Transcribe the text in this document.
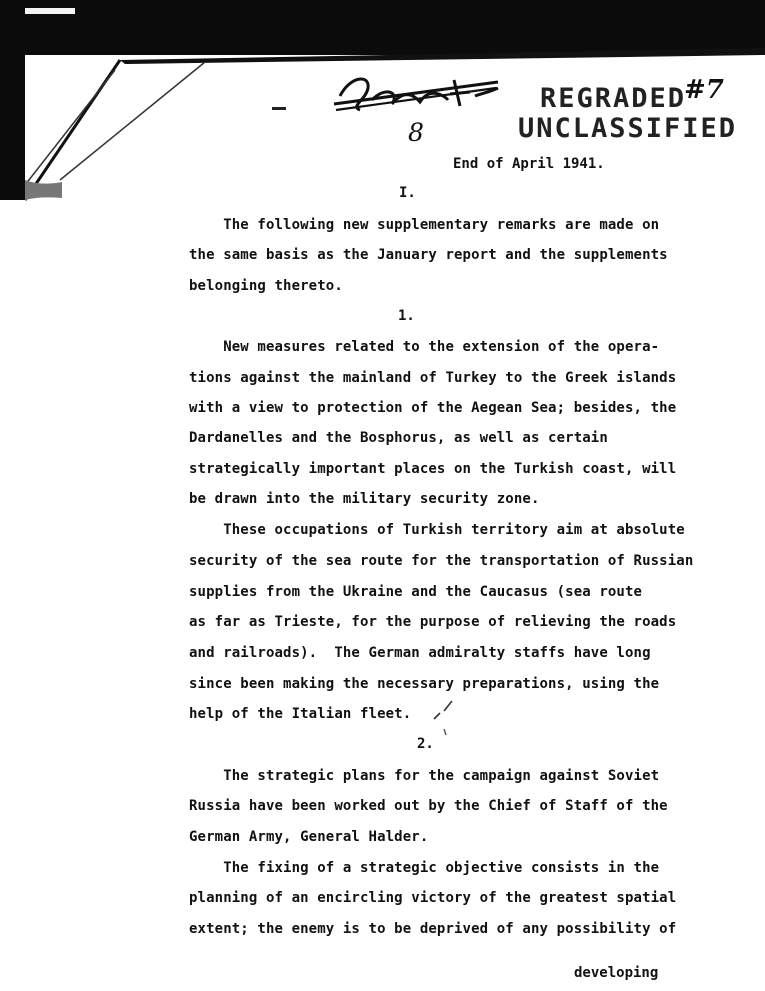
8
REGRADED
#7
UNCLASSIFIED
End of April 1941.
I.
The following new supplementary remarks are made on
the same basis as the January report and the supplements
belonging thereto.
1.
New measures related to the extension of the opera-
tions against the mainland of Turkey to the Greek islands
with a view to protection of the Aegean Sea; besides, the
Dardanelles and the Bosphorus, as well as certain
strategically important places on the Turkish coast, will
be drawn into the military security zone.
These occupations of Turkish territory aim at absolute
security of the sea route for the transportation of Russian
supplies from the Ukraine and the Caucasus (sea route
as far as Trieste, for the purpose of relieving the roads
and railroads).  The German admiralty staffs have long
since been making the necessary preparations, using the
help of the Italian fleet.
2.
The strategic plans for the campaign against Soviet
Russia have been worked out by the Chief of Staff of the
German Army, General Halder.
The fixing of a strategic objective consists in the
planning of an encircling victory of the greatest spatial
extent; the enemy is to be deprived of any possibility of
developing
